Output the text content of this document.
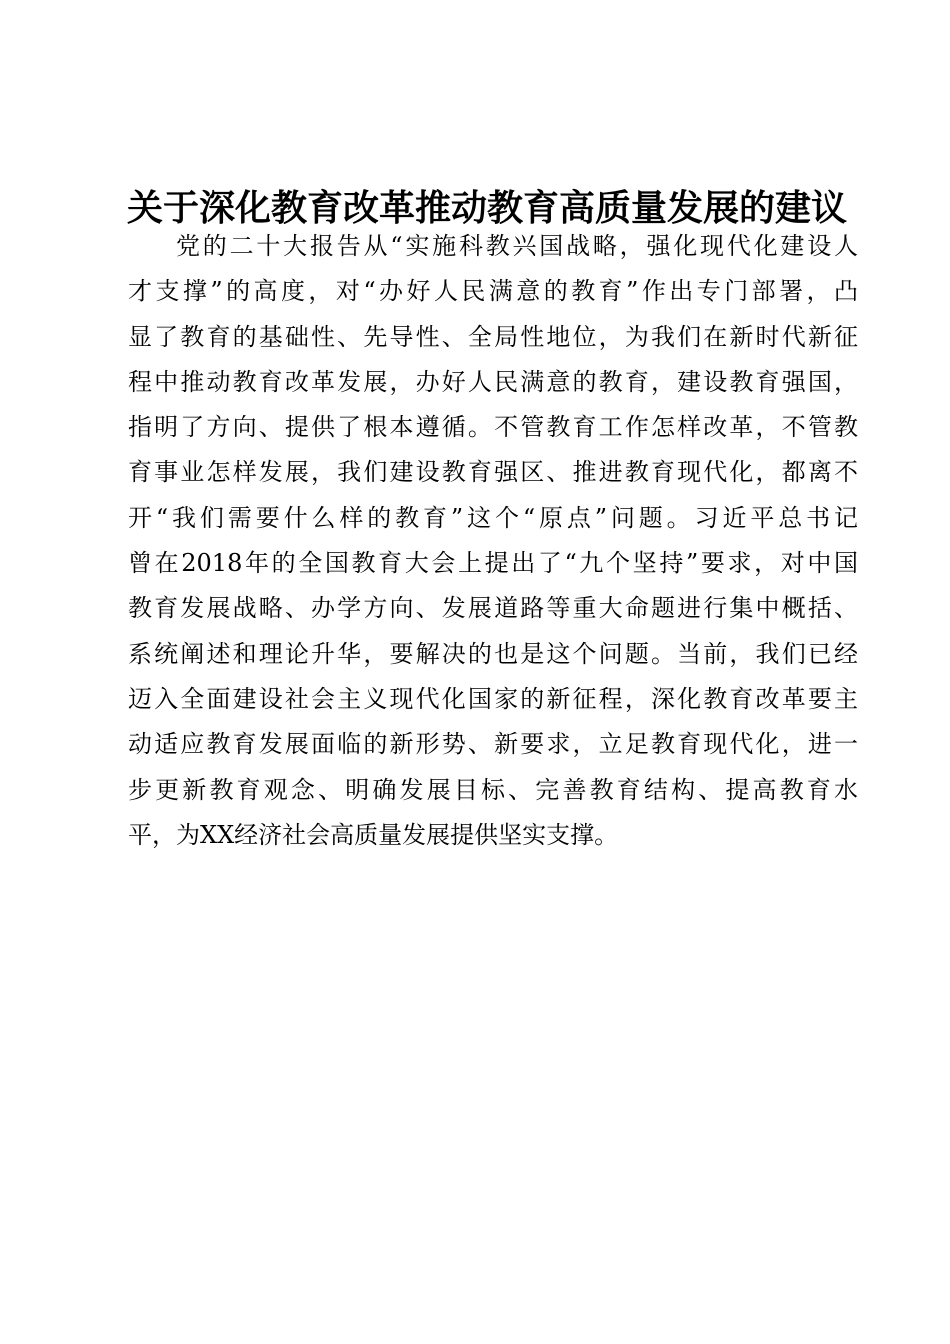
关于深化教育改革推动教育高质量发展的建议
党的二十大报告从“实施科教兴国战略，强化现代化建设人
才支撑”的高度，对“办好人民满意的教育”作出专门部署，凸
显了教育的基础性、先导性、全局性地位，为我们在新时代新征
程中推动教育改革发展，办好人民满意的教育，建设教育强国，
指明了方向、提供了根本遵循。不管教育工作怎样改革，不管教
育事业怎样发展，我们建设教育强区、推进教育现代化，都离不
开“我们需要什么样的教育”这个“原点”问题。习近平总书记
曾在2018年的全国教育大会上提出了“九个坚持”要求，对中国
教育发展战略、办学方向、发展道路等重大命题进行集中概括、
系统阐述和理论升华，要解决的也是这个问题。当前，我们已经
迈入全面建设社会主义现代化国家的新征程，深化教育改革要主
动适应教育发展面临的新形势、新要求，立足教育现代化，进一
步更新教育观念、明确发展目标、完善教育结构、提高教育水
平，为XX经济社会高质量发展提供坚实支撑。
